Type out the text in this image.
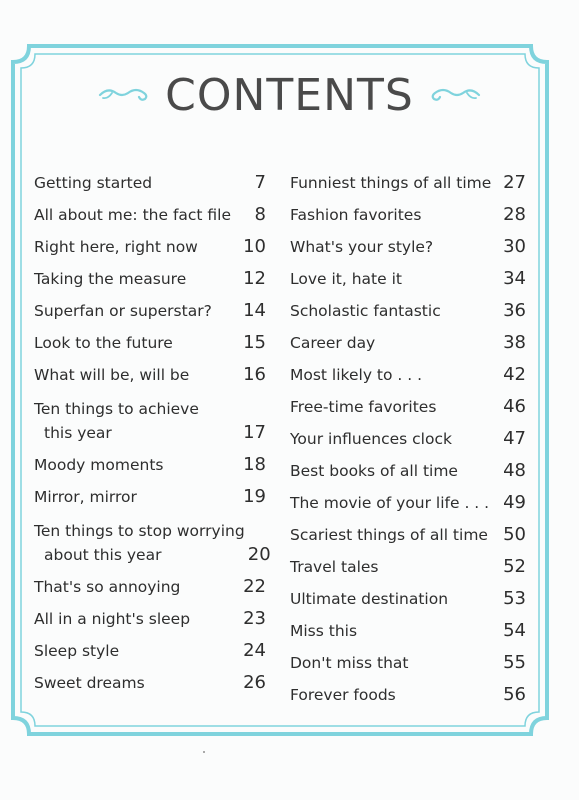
CONTENTS
Getting started	7
All about me: the fact file	8
Right here, right now	10
Taking the measure	12
Superfan or superstar? 14
Look to the future	15
What will be, will be	16
Ten things to achieve
this year	17
Moody moments	18
Mirror, mirror	19
Ten things to stop worrying
about this year	20
That's so annoying	22
All in a night's sleep	23
Sleep style	24
Sweet dreams	26
Funniest things of all time 27
Fashion favorites	28
What's your style?	30
Love it, hate it	34
Scholastic fantastic	36
Career day	38
Most likely to . . .	42
Free-time favorites	46
Your influences clock	47
Best books of all time	48
The movie of your life . . . 49
Scariest things of all time 50
Travel tales	52
Ultimate destination	53
Miss this	54
Don't miss that	55
Forever foods	56
